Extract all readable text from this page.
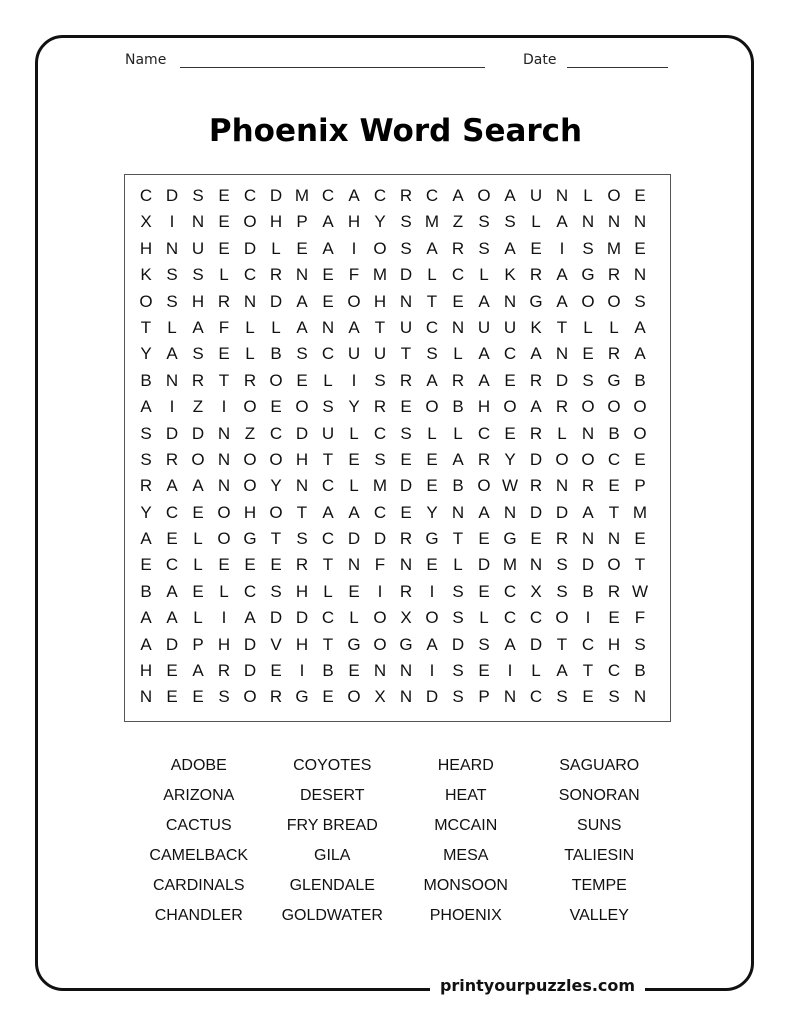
Name	Date
Phoenix Word Search
C D S E C D M C A C R C A O A U N L O E
X	I	N E O H P A H Y S M Z S S L A N N N
H N U E D L E A	I	O S A R S A E	I	S M E
K S S L C R N E F M D L C L K R A G R N
O S H R N D A E O H N T E A N G A O O S
T L A F L L A N A T U C N U U K T L L A
Y A S E L B S C U U T S L A C A N E R A
B N R T R O E L	I	S R A R A E R D S G B
A	I	Z	I	O E O S Y R E O B H O A R O O O
S D D N Z C D U L C S L L C E R L N B O
S R O N O O H T E S E E A R Y D O O C E
R A A N O Y N C L M D E B O W R N R E P
Y C E O H O T A A C E Y N A N D D A T M
A E L O G T S C D D R G T E G E R N N E
E C L E E E R T N F N E L D M N S D O T
B A E L C S H L E	I	R	I	S E C X S B R W
A A L	I	A D D C L O X O S L C C O	I	E F
A D P H D V H T G O G A D S A D T C H S
H E A R D E	I	B E N N	I	S E	I	L A T C B
N E E S O R G E O X N D S P N C S E S N
ADOBE	COYOTES	HEARD	SAGUARO
ARIZONA	DESERT	HEAT	SONORAN
CACTUS	FRY BREAD	MCCAIN	SUNS
CAMELBACK	GILA	MESA	TALIESIN
CARDINALS	GLENDALE	MONSOON	TEMPE
CHANDLER	GOLDWATER	PHOENIX	VALLEY
printyourpuzzles.com
